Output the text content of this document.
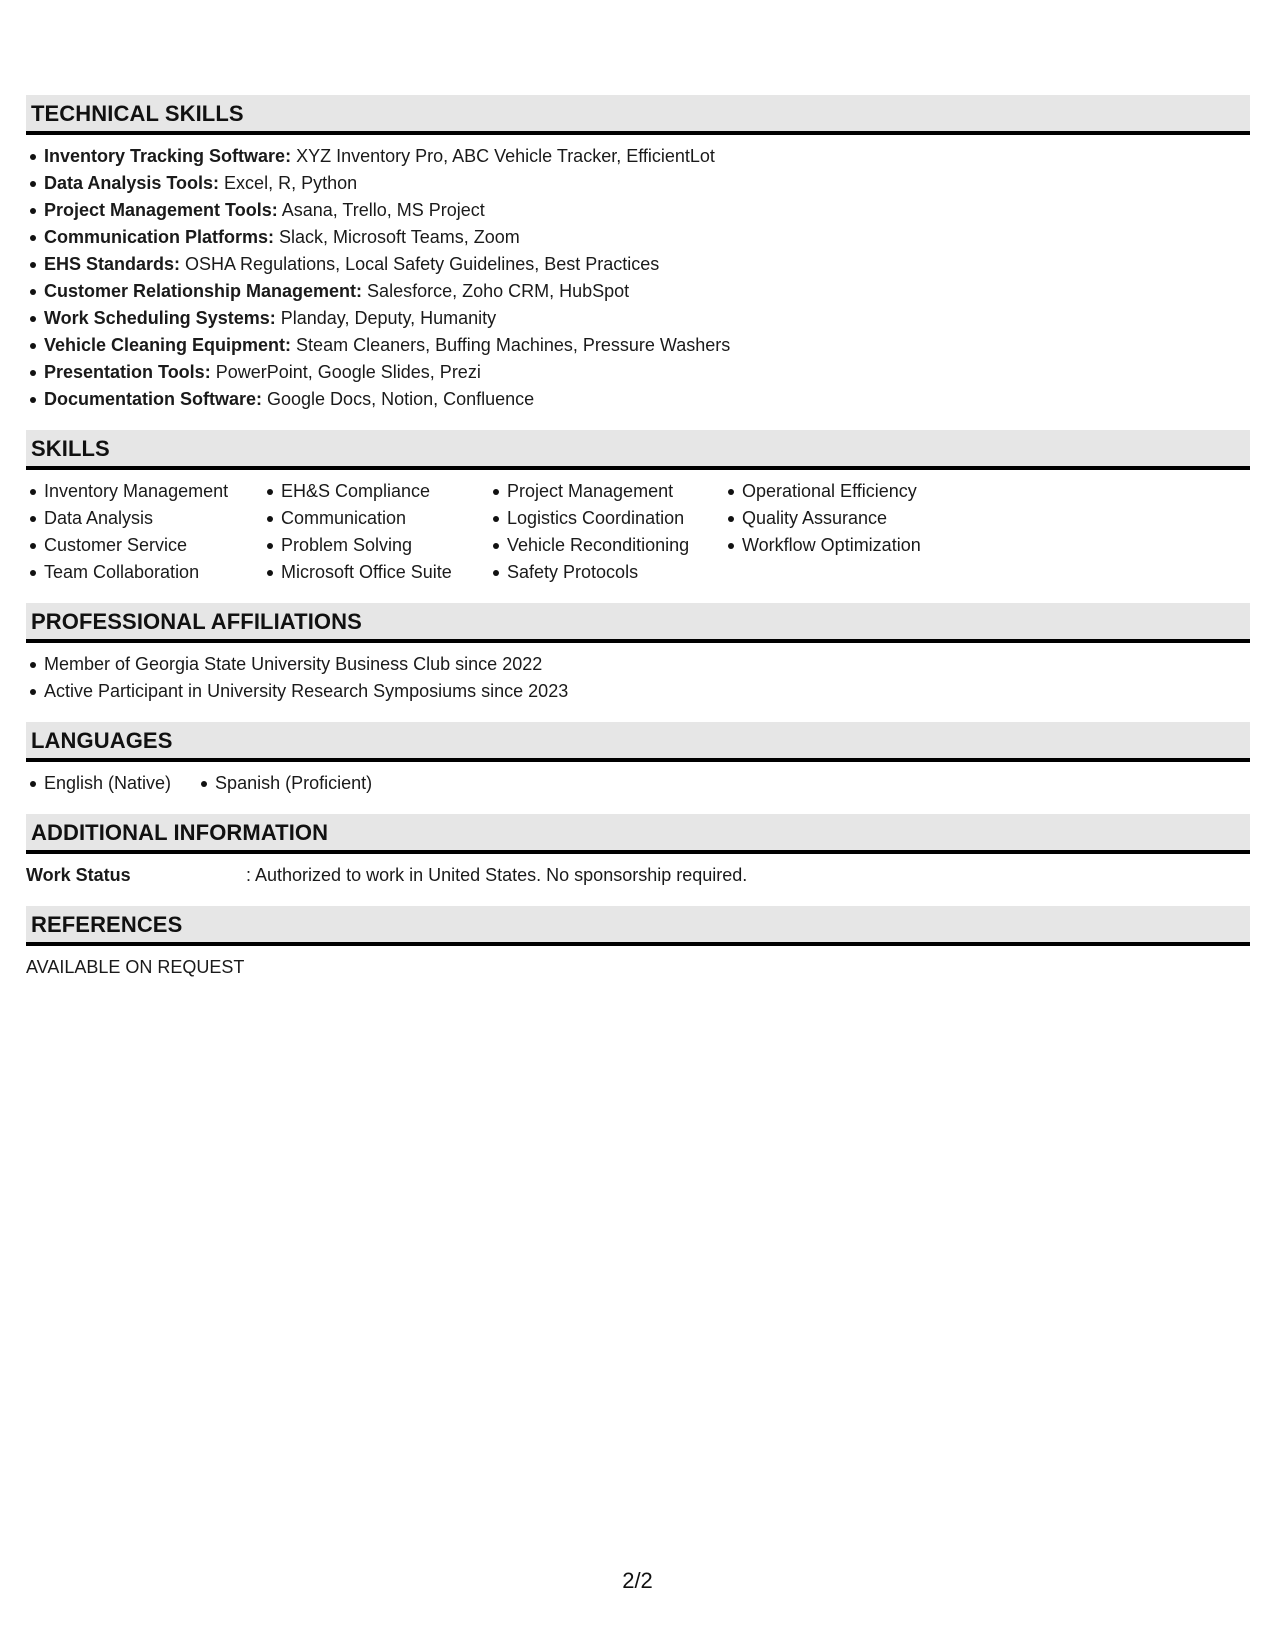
TECHNICAL SKILLS
Inventory Tracking Software: XYZ Inventory Pro, ABC Vehicle Tracker, EfficientLot
Data Analysis Tools: Excel, R, Python
Project Management Tools: Asana, Trello, MS Project
Communication Platforms: Slack, Microsoft Teams, Zoom
EHS Standards: OSHA Regulations, Local Safety Guidelines, Best Practices
Customer Relationship Management: Salesforce, Zoho CRM, HubSpot
Work Scheduling Systems: Planday, Deputy, Humanity
Vehicle Cleaning Equipment: Steam Cleaners, Buffing Machines, Pressure Washers
Presentation Tools: PowerPoint, Google Slides, Prezi
Documentation Software: Google Docs, Notion, Confluence
SKILLS
Inventory Management
Data Analysis
Customer Service
Team Collaboration
EH&S Compliance
Communication
Problem Solving
Microsoft Office Suite
Project Management
Logistics Coordination
Vehicle Reconditioning
Safety Protocols
Operational Efficiency
Quality Assurance
Workflow Optimization
PROFESSIONAL AFFILIATIONS
Member of Georgia State University Business Club since 2022
Active Participant in University Research Symposiums since 2023
LANGUAGES
English (Native) Spanish (Proficient)
ADDITIONAL INFORMATION
Work Status	: Authorized to work in United States. No sponsorship required.
REFERENCES
AVAILABLE ON REQUEST
2/2
